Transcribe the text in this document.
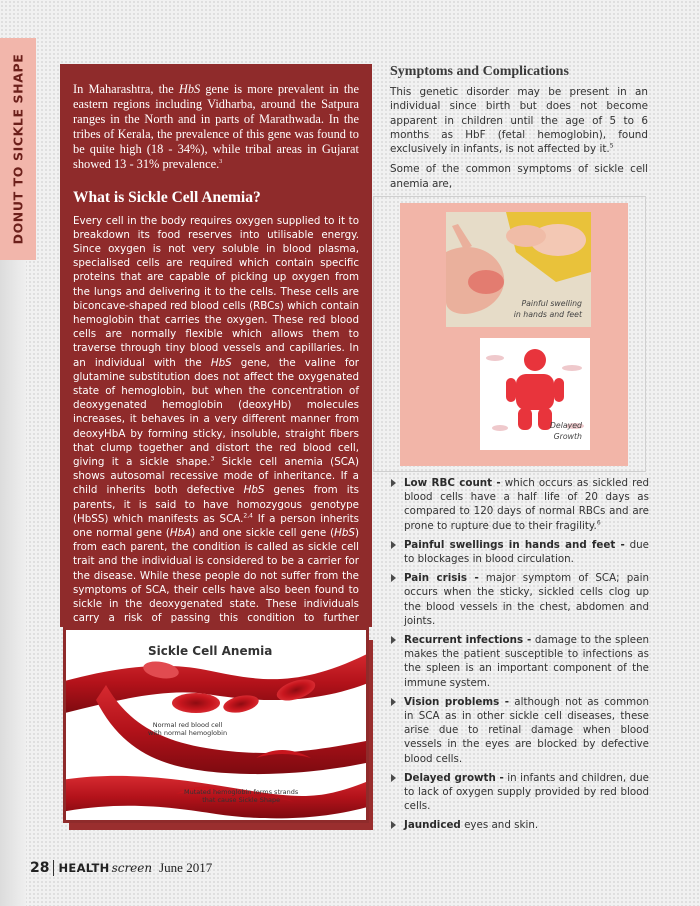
DONUT TO SICKLE SHAPE	In Maharashtra, the HbS gene is more prevalent in the eastern regions including Vidharba, around the Satpura ranges in the North and in parts of Marathwada. In the tribes of Kerala, the prevalence of this gene was found to be quite high (18 - 34%), while tribal areas in Gujarat showed 13 - 31% prevalence.$^3$

What is Sickle Cell Anemia?

Every cell in the body requires oxygen supplied to it to breakdown its food reserves into utilisable energy. Since oxygen is not very soluble in blood plasma, specialised cells are required which contain specific proteins that are capable of picking up oxygen from the lungs and delivering it to the cells. These cells are biconcave-shaped red blood cells (RBCs) which contain hemoglobin that carries the oxygen. These red blood cells are normally flexible which allows them to traverse through tiny blood vessels and capillaries. In an individual with the HbS gene, the valine for glutamine substitution does not affect the oxygenated state of hemoglobin, but when the concentration of deoxygenated hemoglobin (deoxyHb) molecules increases, it behaves in a very different manner from deoxyHbA by forming sticky, insoluble, straight fibers that clump together and distort the red blood cell, giving it a sickle shape.$^3$ Sickle cell anemia (SCA) shows autosomal recessive mode of inheritance. If a child inherits both defective HbS genes from its parents, it is said to have homozygous genotype (HbSS) which manifests as SCA.$^{2,4}$ If a person inherits one normal gene (HbA) and one sickle cell gene (HbS) from each parent, the condition is called as sickle cell trait and the individual is considered to be a carrier for the disease. While these people do not suffer from the symptoms of SCA, their cells have also been found to sickle in the deoxygenated state. These individuals carry a risk of passing this condition to further

Sickle Cell Anemia
Normal red blood cell
with normal hemoglobin
Mutated hemoglobin forms strands
that cause Sickle Shape
Symptoms and Complications

This genetic disorder may be present in an individual since birth but does not become apparent in children until the age of 5 to 6 months as HbF (fetal hemoglobin), found exclusively in infants, is not affected by it.$^5$

Some of the common symptoms of sickle cell anemia are,

Painful swelling
in hands and feet
Delayed
Growth
Low RBC count - which occurs as sickled red blood cells have a half life of 20 days as compared to 120 days of normal RBCs and are prone to rupture due to their fragility.$^6$
Painful swellings in hands and feet - due to blockages in blood circulation.
Pain crisis - major symptom of SCA; pain occurs when the sticky, sickled cells clog up the blood vessels in the chest, abdomen and joints.
Recurrent infections - damage to the spleen makes the patient susceptible to infections as the spleen is an important component of the immune system.
Vision problems - although not as common in SCA as in other sickle cell diseases, these arise due to retinal damage when blood vessels in the eyes are blocked by defective blood cells.
Delayed growth - in infants and children, due to lack of oxygen supply provided by red blood cells.
Jaundiced eyes and skin.
28 HEALTH screen June 2017
